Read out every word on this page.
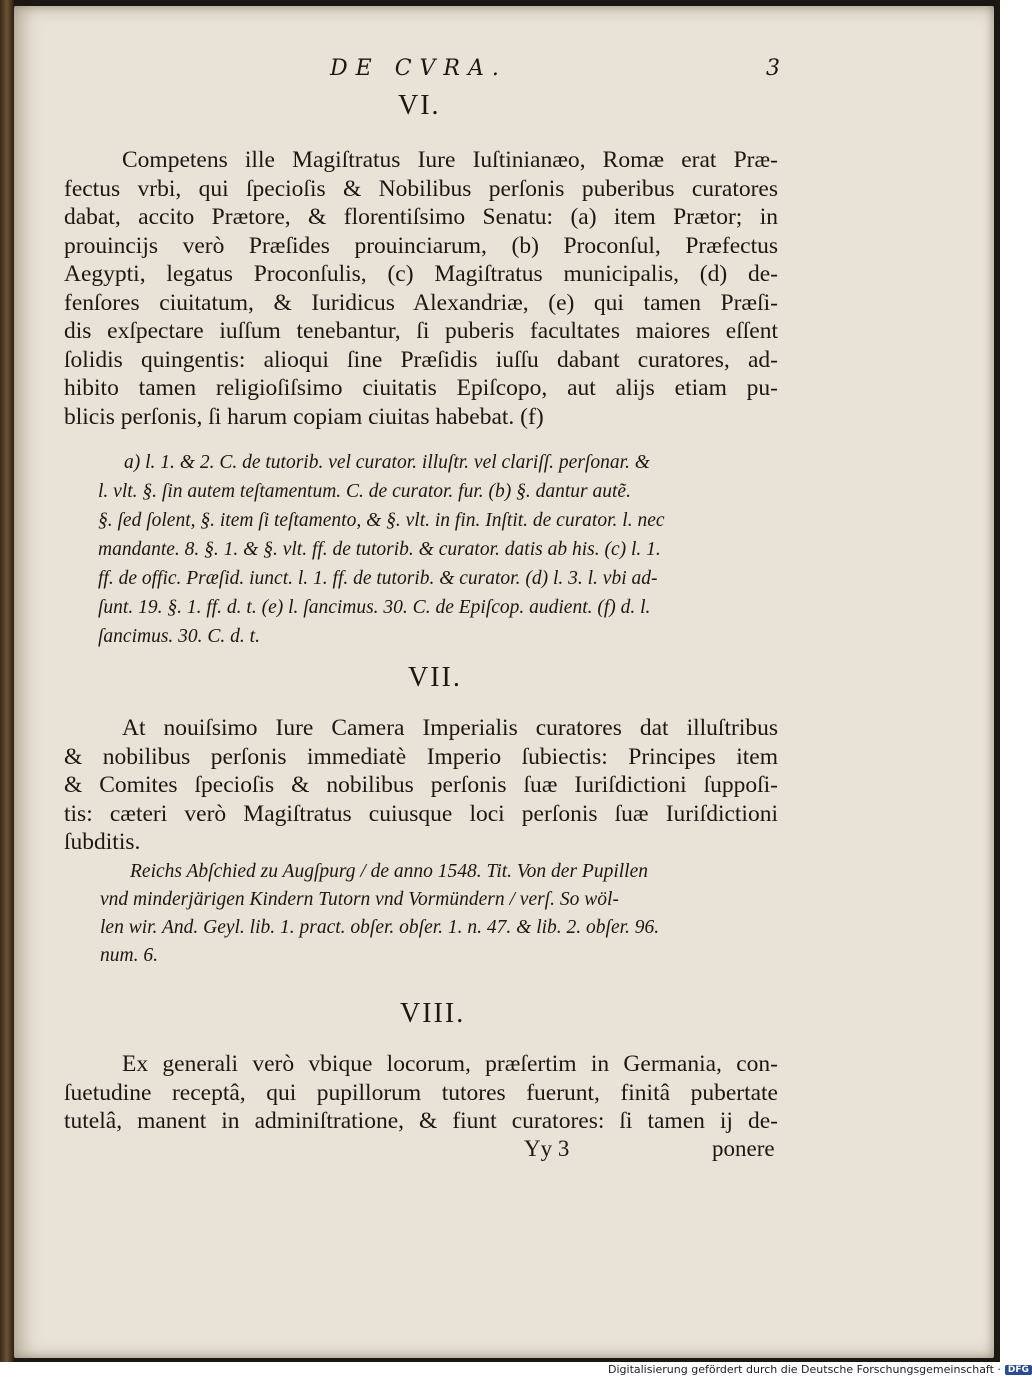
DE CVRA.	3
VI.
Competens ille Magiſtratus Iure Iuſtinianæo, Romæ erat Præ-
fectus vrbi, qui ſpecioſis & Nobilibus perſonis puberibus curatores
dabat, accito Prætore, & florentiſsimo Senatu: (a) item Prætor; in
prouincijs verò Præſides prouinciarum, (b) Proconſul, Præfectus
Aegypti, legatus Proconſulis, (c) Magiſtratus municipalis, (d) de-
fenſores ciuitatum, & Iuridicus Alexandriæ, (e) qui tamen Præſi-
dis exſpectare iuſſum tenebantur, ſi puberis facultates maiores eſſent
ſolidis quingentis: alioqui ſine Præſidis iuſſu dabant curatores, ad-
hibito tamen religioſiſsimo ciuitatis Epiſcopo, aut alijs etiam pu-
blicis perſonis, ſi harum copiam ciuitas habebat. (f)
a) l. 1. & 2. C. de tutorib. vel curator. illuſtr. vel clariſſ. perſonar. &
l. vlt. §. ſin autem teſtamentum. C. de curator. fur. (b) §. dantur autẽ.
§. ſed ſolent, §. item ſi teſtamento, & §. vlt. in fin. Inſtit. de curator. l. nec
mandante. 8. §. 1. & §. vlt. ff. de tutorib. & curator. datis ab his. (c) l. 1.
ff. de offic. Præſid. iunct. l. 1. ff. de tutorib. & curator. (d) l. 3. l. vbi ad-
ſunt. 19. §. 1. ff. d. t. (e) l. ſancimus. 30. C. de Epiſcop. audient. (f) d. l.
ſancimus. 30. C. d. t.
VII.
At nouiſsimo Iure Camera Imperialis curatores dat illuſtribus
& nobilibus perſonis immediatè Imperio ſubiectis: Principes item
& Comites ſpecioſis & nobilibus perſonis ſuæ Iuriſdictioni ſuppoſi-
tis: cæteri verò Magiſtratus cuiusque loci perſonis ſuæ Iuriſdictioni
ſubditis.
Reichs Abſchied zu Augſpurg / de anno 1548. Tit. Von der Pupillen
vnd minderjärigen Kindern Tutorn vnd Vormündern / verſ. So wöl-
len wir. And. Geyl. lib. 1. pract. obſer. obſer. 1. n. 47. & lib. 2. obſer. 96.
num. 6.
VIII.
Ex generali verò vbique locorum, præſertim in Germania, con-
ſuetudine receptâ, qui pupillorum tutores fuerunt, finitâ pubertate
tutelâ, manent in adminiſtratione, & fiunt curatores: ſi tamen ij de-
Yy 3	ponere
Digitalisierung gefördert durch die Deutsche Forschungsgemeinschaft · DFG
